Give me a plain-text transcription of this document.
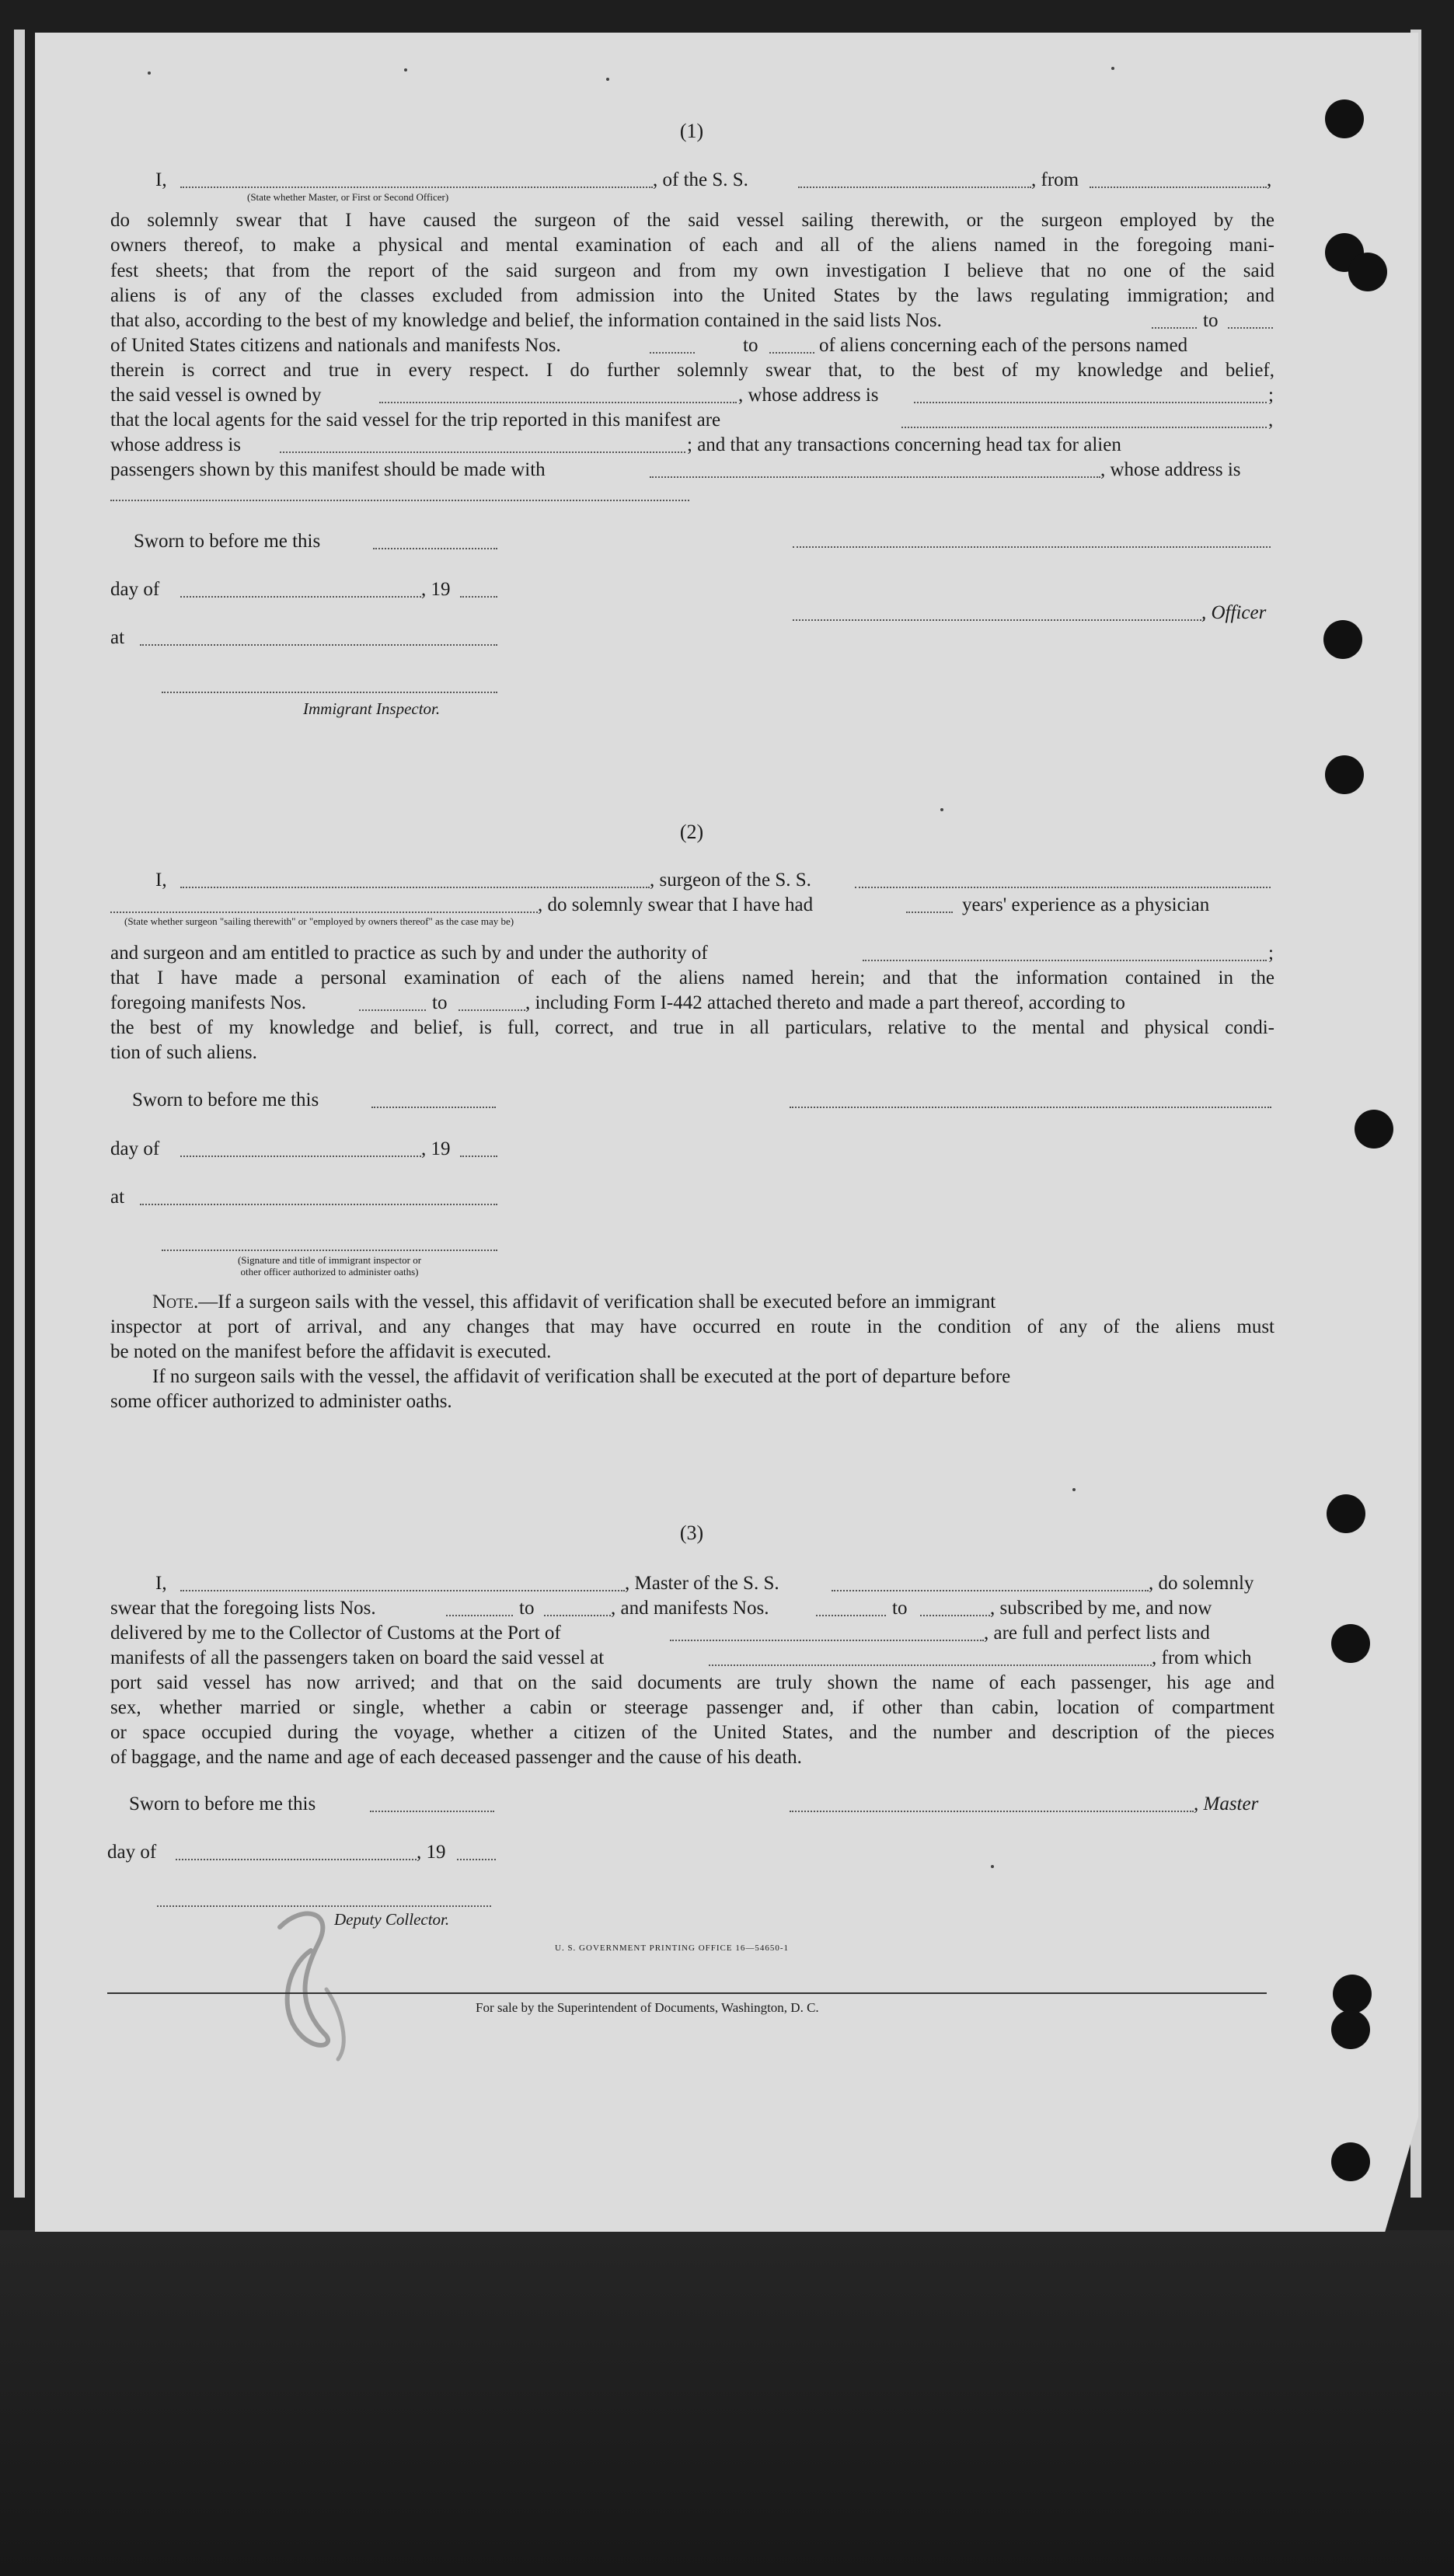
(1)

I,	, of the S. S.	, from	,

(State whether Master, or First or Second Officer)

do solemnly swear that I have caused the surgeon of the said vessel sailing therewith, or the surgeon employed by the

owners thereof, to make a physical and mental examination of each and all of the aliens named in the foregoing mani-

fest sheets; that from the report of the said surgeon and from my own investigation I believe that no one of the said

aliens is of any of the classes excluded from admission into the United States by the laws regulating immigration; and

that also, according to the best of my knowledge and belief, the information contained in the said lists Nos.	to

of United States citizens and nationals and manifests Nos.	to	of aliens concerning each of the persons named

therein is correct and true in every respect. I do further solemnly swear that, to the best of my knowledge and belief,

the said vessel is owned by	, whose address is	;

that the local agents for the said vessel for the trip reported in this manifest are	,

whose address is	; and that any transactions concerning head tax for alien

passengers shown by this manifest should be made with	, whose address is

Sworn to before me this

day of	, 19

, Officer

at

Immigrant Inspector.

(2)

I,	, surgeon of the S. S.

, do solemnly swear that I have had	years' experience as a physician

(State whether surgeon "sailing therewith" or "employed by owners thereof" as the case may be)

and surgeon and am entitled to practice as such by and under the authority of	;

that I have made a personal examination of each of the aliens named herein; and that the information contained in the

foregoing manifests Nos.	to	, including Form I-442 attached thereto and made a part thereof, according to

the best of my knowledge and belief, is full, correct, and true in all particulars, relative to the mental and physical condi-

tion of such aliens.

Sworn to before me this

day of	, 19

at

(Signature and title of immigrant inspector or

other officer authorized to administer oaths)

Note.—If a surgeon sails with the vessel, this affidavit of verification shall be executed before an immigrant

inspector at port of arrival, and any changes that may have occurred en route in the condition of any of the aliens must

be noted on the manifest before the affidavit is executed.

If no surgeon sails with the vessel, the affidavit of verification shall be executed at the port of departure before

some officer authorized to administer oaths.

(3)

I,	, Master of the S. S.	, do solemnly

swear that the foregoing lists Nos.	to	, and manifests Nos.	to	, subscribed by me, and now

delivered by me to the Collector of Customs at the Port of	, are full and perfect lists and

manifests of all the passengers taken on board the said vessel at	, from which

port said vessel has now arrived; and that on the said documents are truly shown the name of each passenger, his age and

sex, whether married or single, whether a cabin or steerage passenger and, if other than cabin, location of compartment

or space occupied during the voyage, whether a citizen of the United States, and the number and description of the pieces

of baggage, and the name and age of each deceased passenger and the cause of his death.

Sworn to before me this	, Master

day of	, 19

Deputy Collector.

U. S. GOVERNMENT PRINTING OFFICE 16—54650-1

For sale by the Superintendent of Documents, Washington, D. C.
